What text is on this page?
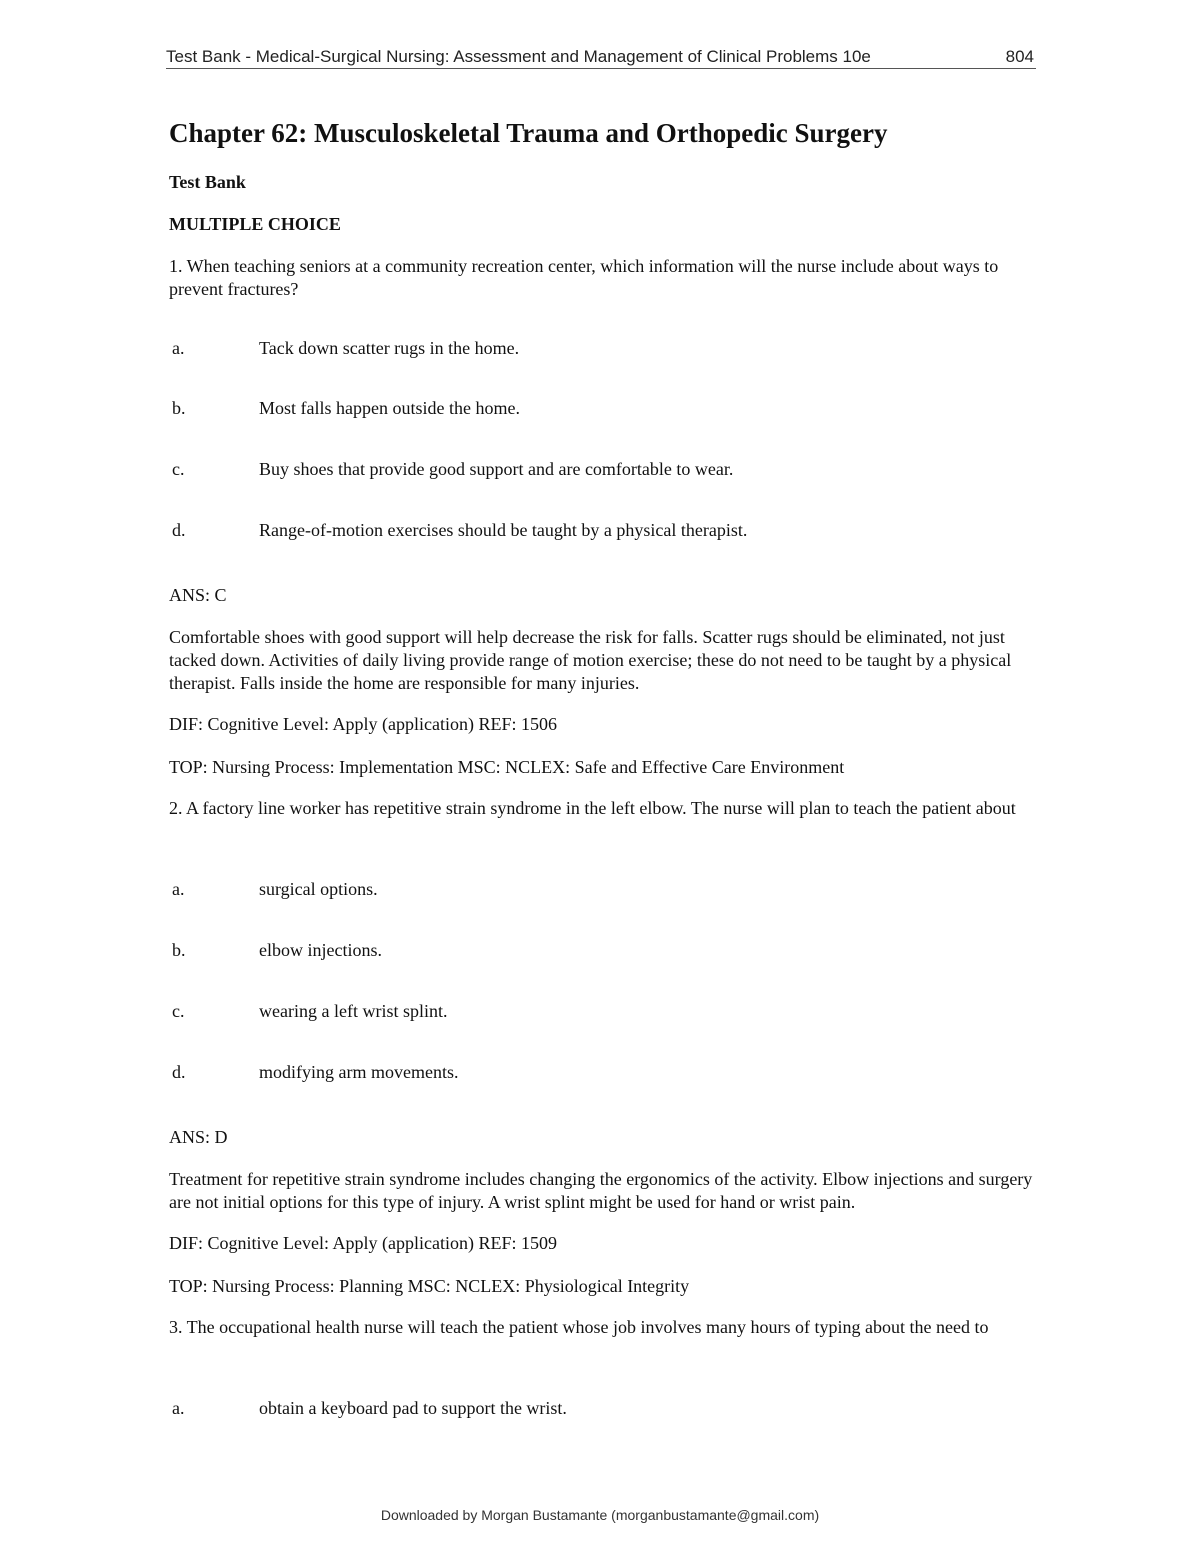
Test Bank - Medical-Surgical Nursing: Assessment and Management of Clinical Problems 10e	804
Chapter 62: Musculoskeletal Trauma and Orthopedic Surgery
Test Bank
MULTIPLE CHOICE
1. When teaching seniors at a community recreation center, which information will the nurse include about ways to prevent fractures?
a.	Tack down scatter rugs in the home.
b.	Most falls happen outside the home.
c.	Buy shoes that provide good support and are comfortable to wear.
d.	Range-of-motion exercises should be taught by a physical therapist.
ANS: C
Comfortable shoes with good support will help decrease the risk for falls. Scatter rugs should be eliminated, not just tacked down. Activities of daily living provide range of motion exercise; these do not need to be taught by a physical therapist. Falls inside the home are responsible for many injuries.
DIF: Cognitive Level: Apply (application) REF: 1506
TOP: Nursing Process: Implementation MSC: NCLEX: Safe and Effective Care Environment
2. A factory line worker has repetitive strain syndrome in the left elbow. The nurse will plan to teach the patient about
a.	surgical options.
b.	elbow injections.
c.	wearing a left wrist splint.
d.	modifying arm movements.
ANS: D
Treatment for repetitive strain syndrome includes changing the ergonomics of the activity. Elbow injections and surgery are not initial options for this type of injury. A wrist splint might be used for hand or wrist pain.
DIF: Cognitive Level: Apply (application) REF: 1509
TOP: Nursing Process: Planning MSC: NCLEX: Physiological Integrity
3. The occupational health nurse will teach the patient whose job involves many hours of typing about the need to
a.	obtain a keyboard pad to support the wrist.
Downloaded by Morgan Bustamante (morganbustamante@gmail.com)
